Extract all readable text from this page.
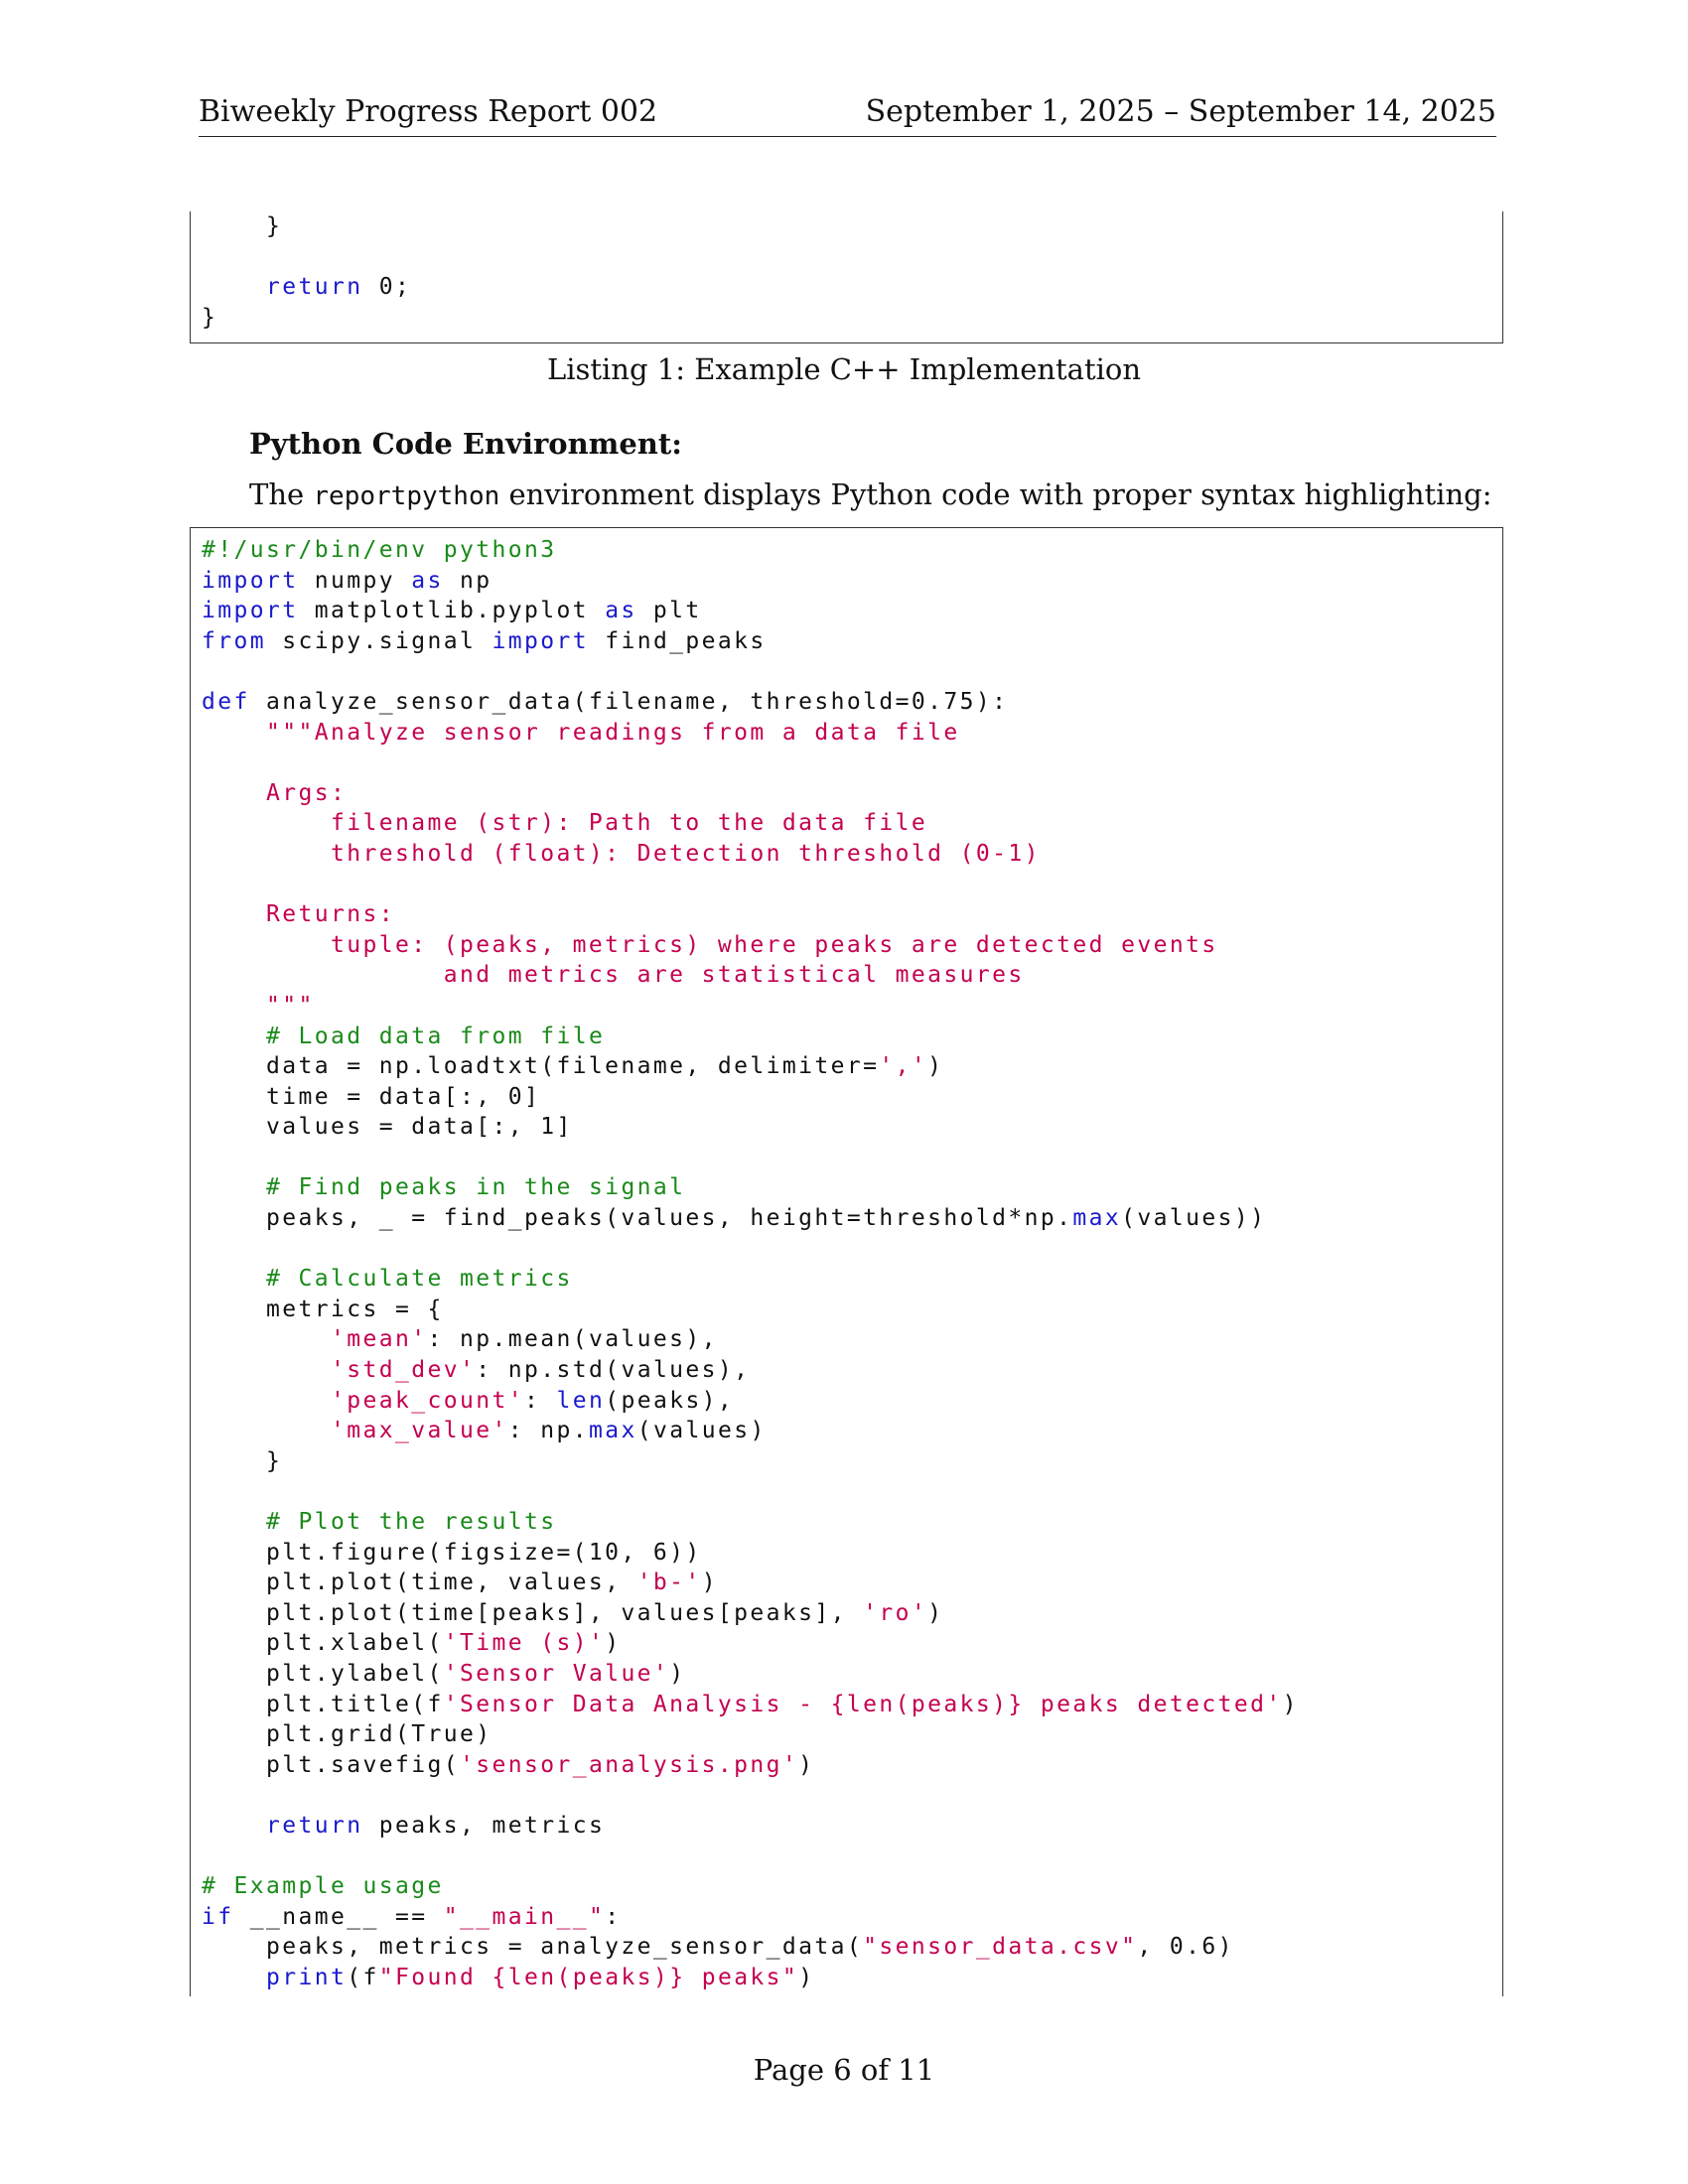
Biweekly Progress Report 002	September 1, 2025 – September 14, 2025
}
return 0;
}
Listing 1: Example C++ Implementation
Python Code Environment:
The reportpython environment displays Python code with proper syntax highlighting:
#!/usr/bin/env python3
import numpy as np
import matplotlib.pyplot as plt
from scipy.signal import find_peaks
def analyze_sensor_data(filename, threshold=0.75):
"""Analyze sensor readings from a data file
Args:
filename (str): Path to the data file
threshold (float): Detection threshold (0-1)
Returns:
tuple: (peaks, metrics) where peaks are detected events
and metrics are statistical measures
"""
# Load data from file
data = np.loadtxt(filename, delimiter=',')
time = data[:, 0]
values = data[:, 1]
# Find peaks in the signal
peaks, _ = find_peaks(values, height=threshold*np.max(values))
# Calculate metrics
metrics = {
'mean': np.mean(values),
'std_dev': np.std(values),
'peak_count': len(peaks),
'max_value': np.max(values)
}
# Plot the results
plt.figure(figsize=(10, 6))
plt.plot(time, values, 'b-')
plt.plot(time[peaks], values[peaks], 'ro')
plt.xlabel('Time (s)')
plt.ylabel('Sensor Value')
plt.title(f'Sensor Data Analysis - {len(peaks)} peaks detected')
plt.grid(True)
plt.savefig('sensor_analysis.png')
return peaks, metrics
# Example usage
if __name__ == "__main__":
peaks, metrics = analyze_sensor_data("sensor_data.csv", 0.6)
print(f"Found {len(peaks)} peaks")
Page 6 of 11
